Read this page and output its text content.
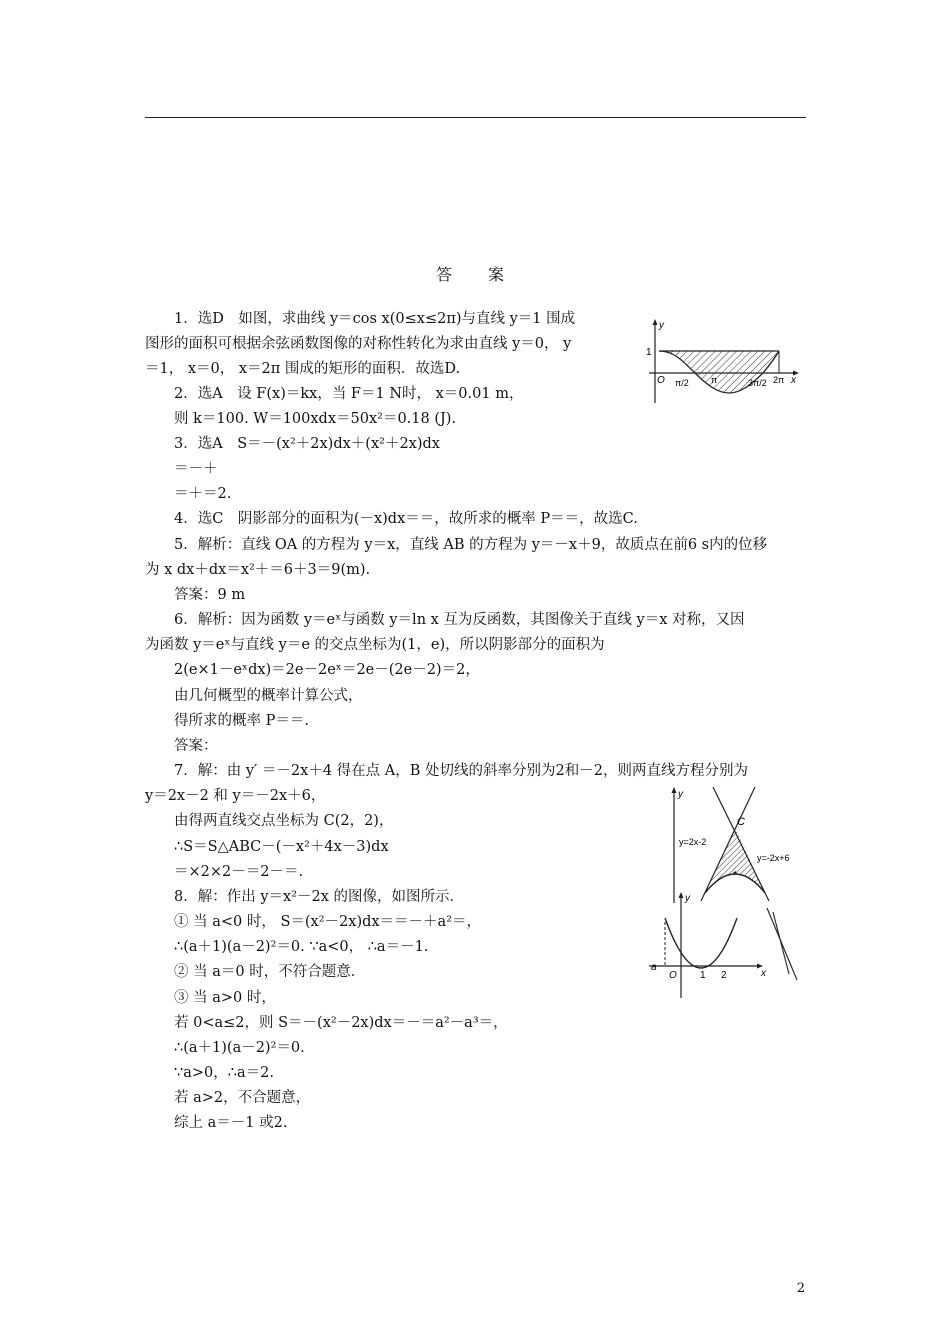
答　案
1．选D　如图，求曲线 y＝cos x(0≤x≤2π)与直线 y＝1 围成
图形的面积可根据余弦函数图像的对称性转化为求由直线 y＝0， y
＝1， x＝0， x＝2π 围成的矩形的面积．故选D.
2．选A　设 F(x)＝kx，当 F＝1 N时， x＝0.01 m，
则 k＝100. W＝100xdx＝50x²＝0.18 (J).
3．选A　S＝－(x²＋2x)dx＋(x²＋2x)dx
＝－＋
＝＋＝2.
4．选C　阴影部分的面积为(－x)dx＝＝，故所求的概率 P＝＝，故选C.
5．解析：直线 OA 的方程为 y＝x，直线 AB 的方程为 y＝－x＋9，故质点在前6 s内的位移
为 x dx＋dx＝x²＋＝6＋3＝9(m).
答案：9 m
6．解析：因为函数 y＝eˣ与函数 y＝ln x 互为反函数，其图像关于直线 y＝x 对称，又因
为函数 y＝eˣ与直线 y＝e 的交点坐标为(1，e)，所以阴影部分的面积为
2(e×1－eˣdx)＝2e－2eˣ＝2e－(2e－2)＝2，
由几何概型的概率计算公式，
得所求的概率 P＝＝.
答案：
7．解：由 y′ ＝－2x＋4 得在点 A，B 处切线的斜率分别为2和－2，则两直线方程分别为
y＝2x－2 和 y＝－2x＋6，
由得两直线交点坐标为 C(2，2)，
∴S＝S△ABC－(－x²＋4x－3)dx
＝×2×2－＝2－＝.
8．解：作出 y＝x²－2x 的图像，如图所示．
① 当 a<0 时， S＝(x²－2x)dx＝＝－＋a²＝，
∴(a＋1)(a－2)²＝0. ∵a<0， ∴a＝－1.
② 当 a＝0 时，不符合题意．
③ 当 a>0 时，
若 0<a≤2，则 S＝－(x²－2x)dx＝－＝a²－a³＝，
∴(a＋1)(a－2)²＝0.
∵a>0，∴a＝2.
若 a>2，不合题意，
综上 a＝－1 或2.
y
1
O π/2 π	3π/2 2π x
y
C
y=2x-2
y=-2x+6
y
x
a
O 1 2
2
